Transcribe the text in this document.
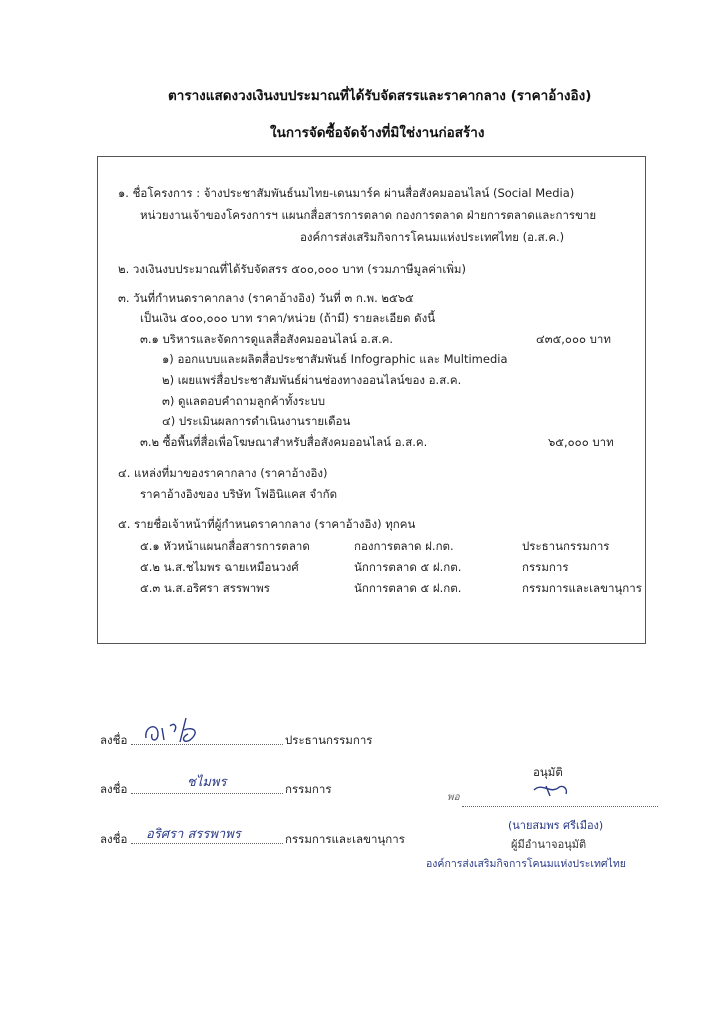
ตารางแสดงวงเงินงบประมาณที่ได้รับจัดสรรและราคากลาง (ราคาอ้างอิง)
ในการจัดซื้อจัดจ้างที่มิใช่งานก่อสร้าง
๑. ชื่อโครงการ : จ้างประชาสัมพันธ์นมไทย-เดนมาร์ค ผ่านสื่อสังคมออนไลน์ (Social Media)
หน่วยงานเจ้าของโครงการฯ แผนกสื่อสารการตลาด กองการตลาด ฝ่ายการตลาดและการขาย
องค์การส่งเสริมกิจการโคนมแห่งประเทศไทย (อ.ส.ค.)
๒. วงเงินงบประมาณที่ได้รับจัดสรร ๕๐๐,๐๐๐ บาท (รวมภาษีมูลค่าเพิ่ม)
๓. วันที่กำหนดราคากลาง (ราคาอ้างอิง) วันที่ ๓ ก.พ. ๒๕๖๕
เป็นเงิน ๕๐๐,๐๐๐ บาท ราคา/หน่วย (ถ้ามี) รายละเอียด ดังนี้
๓.๑ บริหารและจัดการดูแลสื่อสังคมออนไลน์ อ.ส.ค.	๔๓๕,๐๐๐ บาท
๑) ออกแบบและผลิตสื่อประชาสัมพันธ์ Infographic และ Multimedia
๒) เผยแพร่สื่อประชาสัมพันธ์ผ่านช่องทางออนไลน์ของ อ.ส.ค.
๓) ดูแลตอบคำถามลูกค้าทั้งระบบ
๔) ประเมินผลการดำเนินงานรายเดือน
๓.๒ ซื้อพื้นที่สื่อเพื่อโฆษณาสำหรับสื่อสังคมออนไลน์ อ.ส.ค.	๖๕,๐๐๐ บาท
๔. แหล่งที่มาของราคากลาง (ราคาอ้างอิง)
ราคาอ้างอิงของ บริษัท โฟอินิแคส จำกัด
๕. รายชื่อเจ้าหน้าที่ผู้กำหนดราคากลาง (ราคาอ้างอิง) ทุกคน
๕.๑ หัวหน้าแผนกสื่อสารการตลาด	กองการตลาด ฝ.กต.	ประธานกรรมการ
๕.๒ น.ส.ชไมพร ฉายเหมือนวงศ์	นักการตลาด ๕ ฝ.กต.	กรรมการ
๕.๓ น.ส.อริศรา สรรพาพร	นักการตลาด ๕ ฝ.กต.	กรรมการและเลขานุการ
ลงชื่อ	ประธานกรรมการ
ลงชื่อ	กรรมการ
ชไมพร
ลงชื่อ	กรรมการและเลขานุการ
อริศรา สรรพาพร
อนุมัติ
พอ
(นายสมพร ศรีเมือง)
ผู้มีอำนาจอนุมัติ
องค์การส่งเสริมกิจการโคนมแห่งประเทศไทย
